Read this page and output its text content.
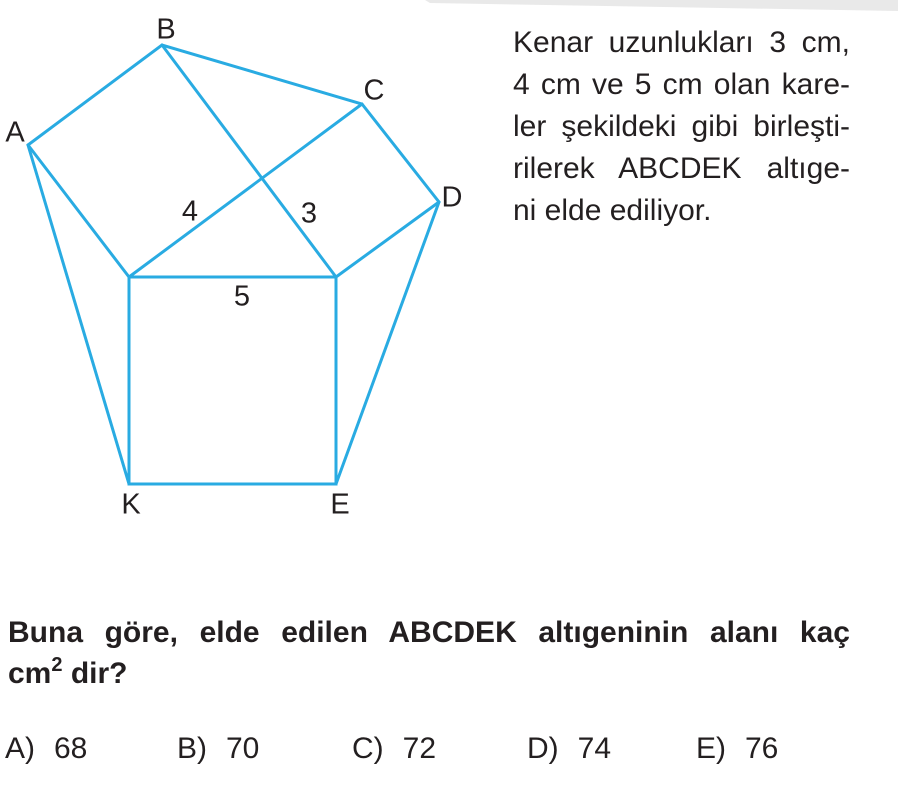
A
B
C
D
E
K
4	3
5
Kenar uzunlukları 3 cm,
4 cm ve 5 cm olan kare-
ler şekildeki gibi birleşti-
rilerek ABCDEK altıge-
ni elde ediliyor.
Buna göre, elde edilen ABCDEK altıgeninin alanı kaç
$cm^2$ dir?
A) 68	B) 70	C) 72	D) 74	E) 76
